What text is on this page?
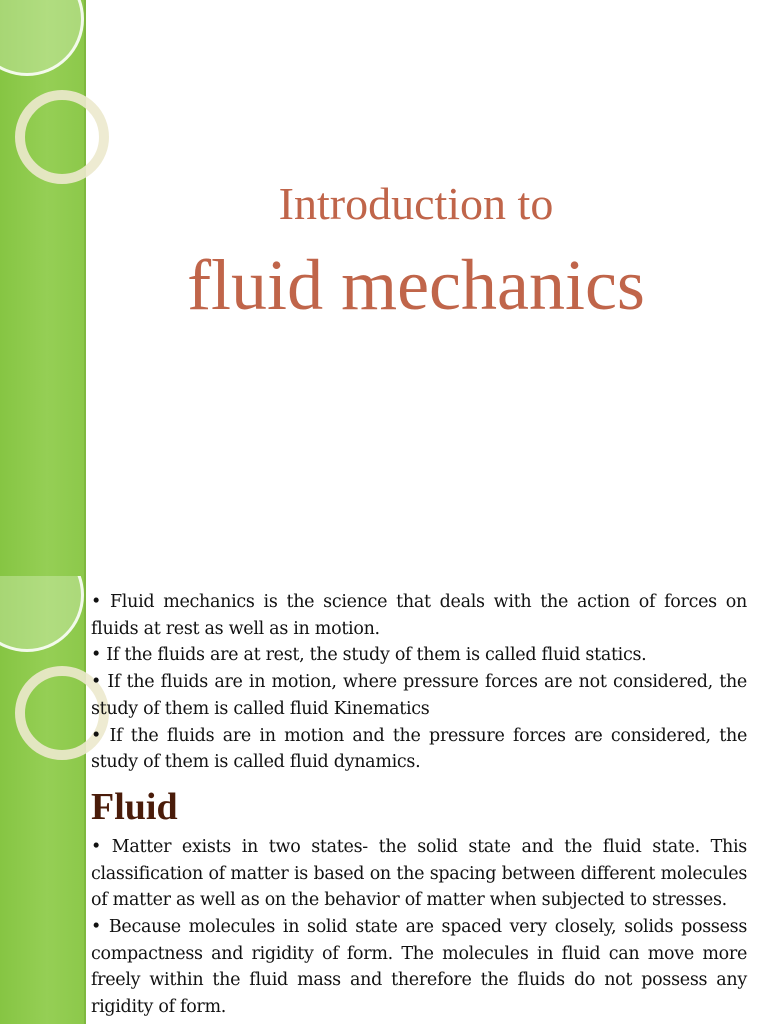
Introduction to
fluid mechanics

• Fluid mechanics is the science that deals with the action of forces on fluids at rest as well as in motion.

• If the fluids are at rest, the study of them is called fluid statics.

• If the fluids are in motion, where pressure forces are not considered, the study of them is called fluid Kinematics

• If the fluids are in motion and the pressure forces are considered, the study of them is called fluid dynamics.

Fluid

• Matter exists in two states- the solid state and the fluid state. This classification of matter is based on the spacing between different molecules of matter as well as on the behavior of matter when subjected to stresses.

• Because molecules in solid state are spaced very closely, solids possess compactness and rigidity of form. The molecules in fluid can move more freely within the fluid mass and therefore the fluids do not possess any rigidity of form.
